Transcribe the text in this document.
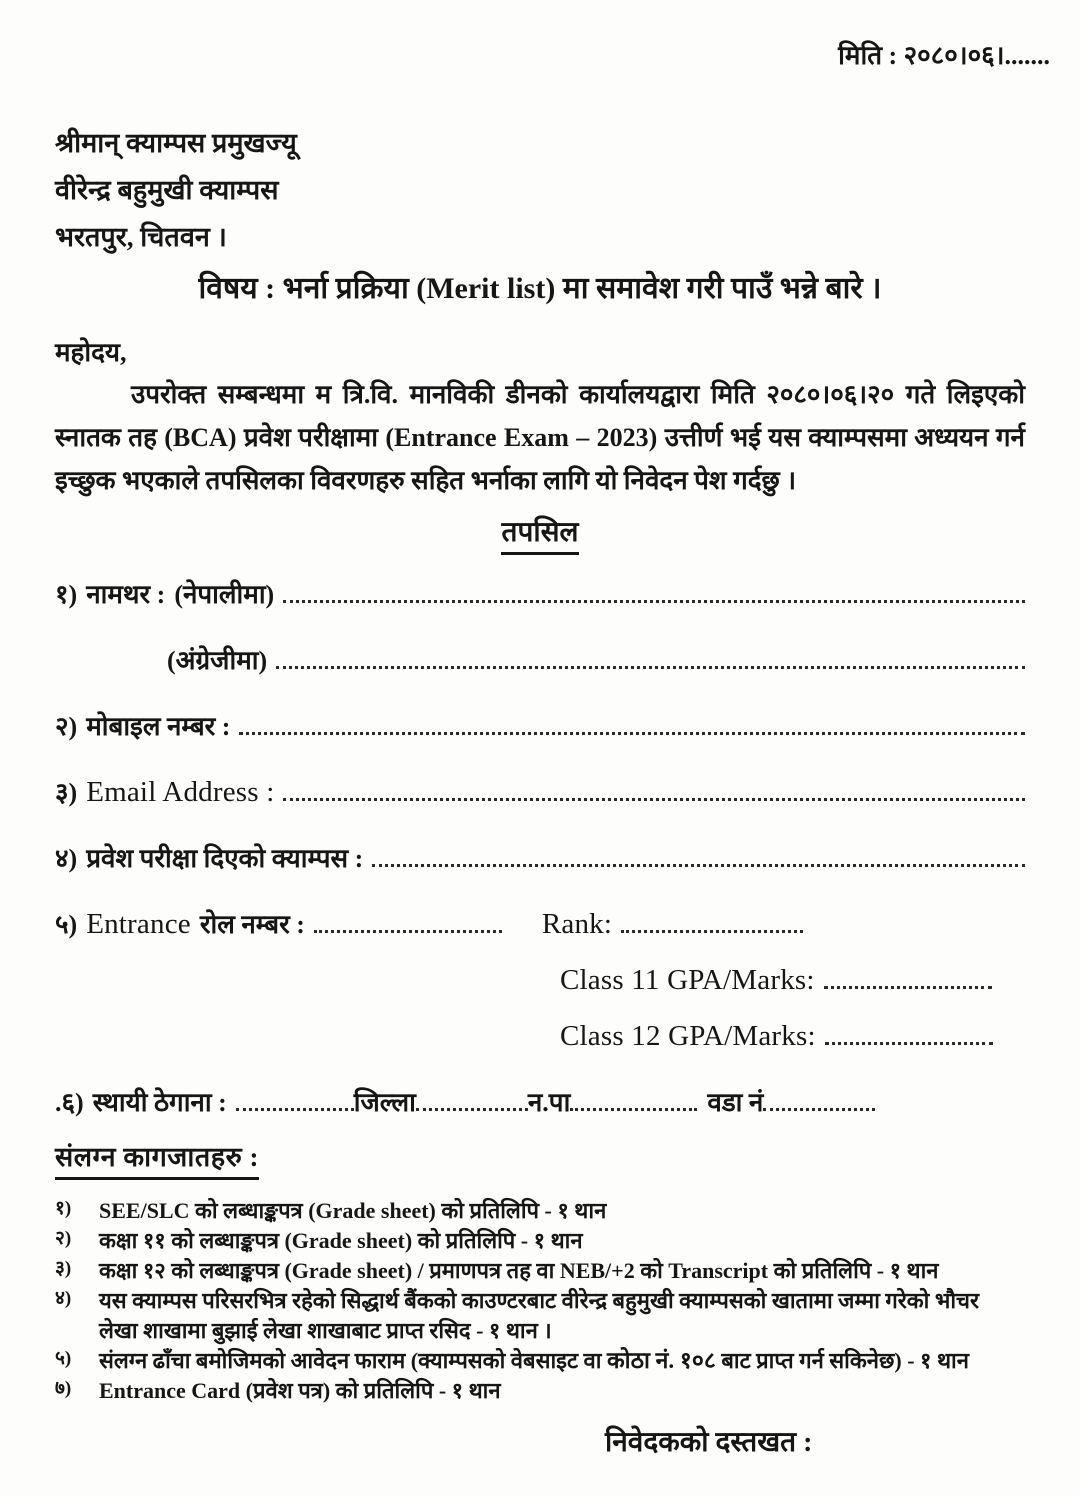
मिति : २०८०।०६।.......
श्रीमान् क्याम्पस प्रमुखज्यू
वीरेन्द्र बहुमुखी क्याम्पस
भरतपुर, चितवन ।
विषय : भर्ना प्रक्रिया (Merit list) मा समावेश गरी पाउँ भन्ने बारे ।
महोदय,

उपरोक्त सम्बन्धमा म त्रि.वि. मानविकी डीनको कार्यालयद्वारा मिति २०८०।०६।२० गते लिइएको स्नातक तह (BCA) प्रवेश परीक्षामा (Entrance Exam – 2023) उत्तीर्ण भई यस क्याम्पसमा अध्ययन गर्न इच्छुक भएकाले तपसिलका विवरणहरु सहित भर्नाका लागि यो निवेदन पेश गर्दछु ।

तपसिल
१) नामथर : (नेपालीमा)
(अंग्रेजीमा)
२) मोबाइल नम्बर :
३) Email Address :
४) प्रवेश परीक्षा दिएको क्याम्पस :
५) Entrance रोल नम्बर :	Rank:
Class 11 GPA/Marks:
Class 12 GPA/Marks:
.६) स्थायी ठेगाना :	जिल्ला	न.पा	वडा नं
संलग्न कागजातहरु :
१)	SEE/SLC को लब्धाङ्कपत्र (Grade sheet) को प्रतिलिपि - १ थान
२)	कक्षा ११ को लब्धाङ्कपत्र (Grade sheet) को प्रतिलिपि - १ थान
३)	कक्षा १२ को लब्धाङ्कपत्र (Grade sheet) / प्रमाणपत्र तह वा NEB/+2 को Transcript को प्रतिलिपि - १ थान
४)	यस क्याम्पस परिसरभित्र रहेको सिद्धार्थ बैंकको काउण्टरबाट वीरेन्द्र बहुमुखी क्याम्पसको खातामा जम्मा गरेको भौचर लेखा शाखामा बुझाई लेखा शाखाबाट प्राप्त रसिद - १ थान ।
५)	संलग्न ढाँचा बमोजिमको आवेदन फाराम (क्याम्पसको वेबसाइट वा कोठा नं. १०८ बाट प्राप्त गर्न सकिनेछ) - १ थान
७)	Entrance Card (प्रवेश पत्र) को प्रतिलिपि - १ थान
निवेदकको दस्तखत :
